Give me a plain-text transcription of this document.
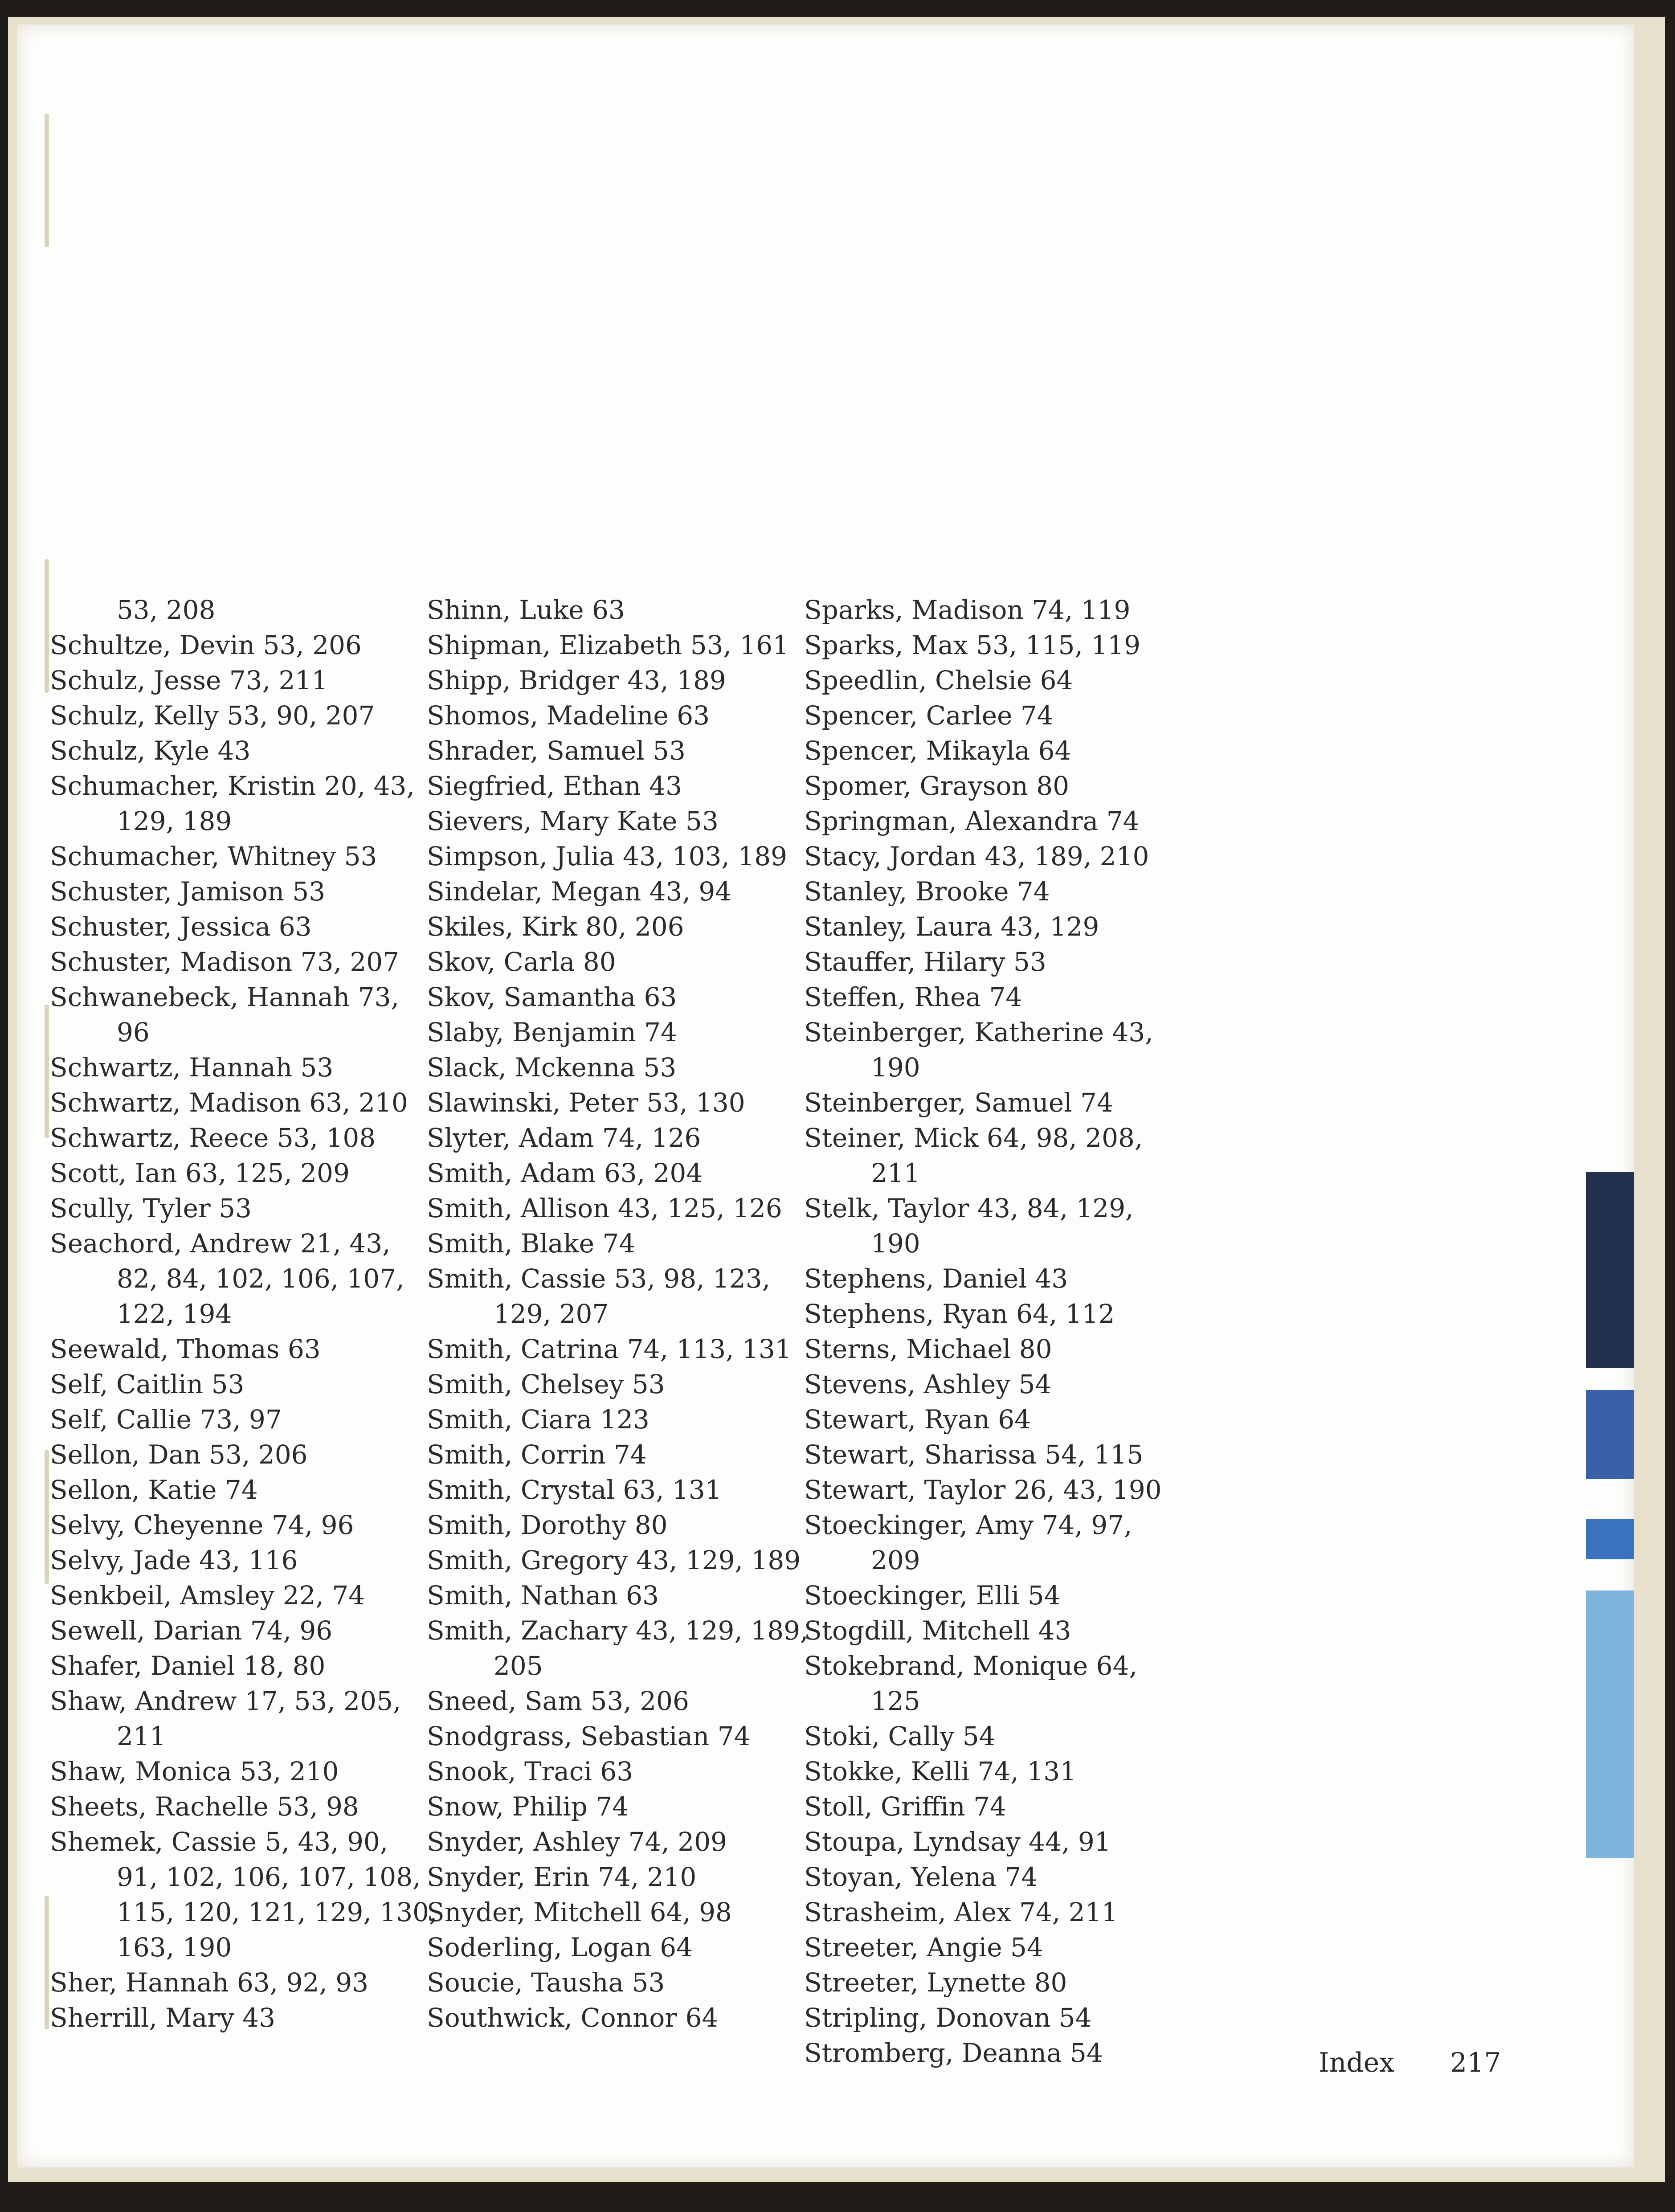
53, 208
Schultze, Devin 53, 206
Schulz, Jesse 73, 211
Schulz, Kelly 53, 90, 207
Schulz, Kyle 43
Schumacher, Kristin 20, 43,
129, 189
Schumacher, Whitney 53
Schuster, Jamison 53
Schuster, Jessica 63
Schuster, Madison 73, 207
Schwanebeck, Hannah 73,
96
Schwartz, Hannah 53
Schwartz, Madison 63, 210
Schwartz, Reece 53, 108
Scott, Ian 63, 125, 209
Scully, Tyler 53
Seachord, Andrew 21, 43,
82, 84, 102, 106, 107,
122, 194
Seewald, Thomas 63
Self, Caitlin 53
Self, Callie 73, 97
Sellon, Dan 53, 206
Sellon, Katie 74
Selvy, Cheyenne 74, 96
Selvy, Jade 43, 116
Senkbeil, Amsley 22, 74
Sewell, Darian 74, 96
Shafer, Daniel 18, 80
Shaw, Andrew 17, 53, 205,
211
Shaw, Monica 53, 210
Sheets, Rachelle 53, 98
Shemek, Cassie 5, 43, 90,
91, 102, 106, 107, 108,
115, 120, 121, 129, 130,
163, 190
Sher, Hannah 63, 92, 93
Sherrill, Mary 43
Shinn, Luke 63
Shipman, Elizabeth 53, 161
Shipp, Bridger 43, 189
Shomos, Madeline 63
Shrader, Samuel 53
Siegfried, Ethan 43
Sievers, Mary Kate 53
Simpson, Julia 43, 103, 189
Sindelar, Megan 43, 94
Skiles, Kirk 80, 206
Skov, Carla 80
Skov, Samantha 63
Slaby, Benjamin 74
Slack, Mckenna 53
Slawinski, Peter 53, 130
Slyter, Adam 74, 126
Smith, Adam 63, 204
Smith, Allison 43, 125, 126
Smith, Blake 74
Smith, Cassie 53, 98, 123,
129, 207
Smith, Catrina 74, 113, 131
Smith, Chelsey 53
Smith, Ciara 123
Smith, Corrin 74
Smith, Crystal 63, 131
Smith, Dorothy 80
Smith, Gregory 43, 129, 189
Smith, Nathan 63
Smith, Zachary 43, 129, 189,
205
Sneed, Sam 53, 206
Snodgrass, Sebastian 74
Snook, Traci 63
Snow, Philip 74
Snyder, Ashley 74, 209
Snyder, Erin 74, 210
Snyder, Mitchell 64, 98
Soderling, Logan 64
Soucie, Tausha 53
Southwick, Connor 64
Sparks, Madison 74, 119
Sparks, Max 53, 115, 119
Speedlin, Chelsie 64
Spencer, Carlee 74
Spencer, Mikayla 64
Spomer, Grayson 80
Springman, Alexandra 74
Stacy, Jordan 43, 189, 210
Stanley, Brooke 74
Stanley, Laura 43, 129
Stauffer, Hilary 53
Steffen, Rhea 74
Steinberger, Katherine 43,
190
Steinberger, Samuel 74
Steiner, Mick 64, 98, 208,
211
Stelk, Taylor 43, 84, 129,
190
Stephens, Daniel 43
Stephens, Ryan 64, 112
Sterns, Michael 80
Stevens, Ashley 54
Stewart, Ryan 64
Stewart, Sharissa 54, 115
Stewart, Taylor 26, 43, 190
Stoeckinger, Amy 74, 97,
209
Stoeckinger, Elli 54
Stogdill, Mitchell 43
Stokebrand, Monique 64,
125
Stoki, Cally 54
Stokke, Kelli 74, 131
Stoll, Griffin 74
Stoupa, Lyndsay 44, 91
Stoyan, Yelena 74
Strasheim, Alex 74, 211
Streeter, Angie 54
Streeter, Lynette 80
Stripling, Donovan 54
Stromberg, Deanna 54	Index 217
